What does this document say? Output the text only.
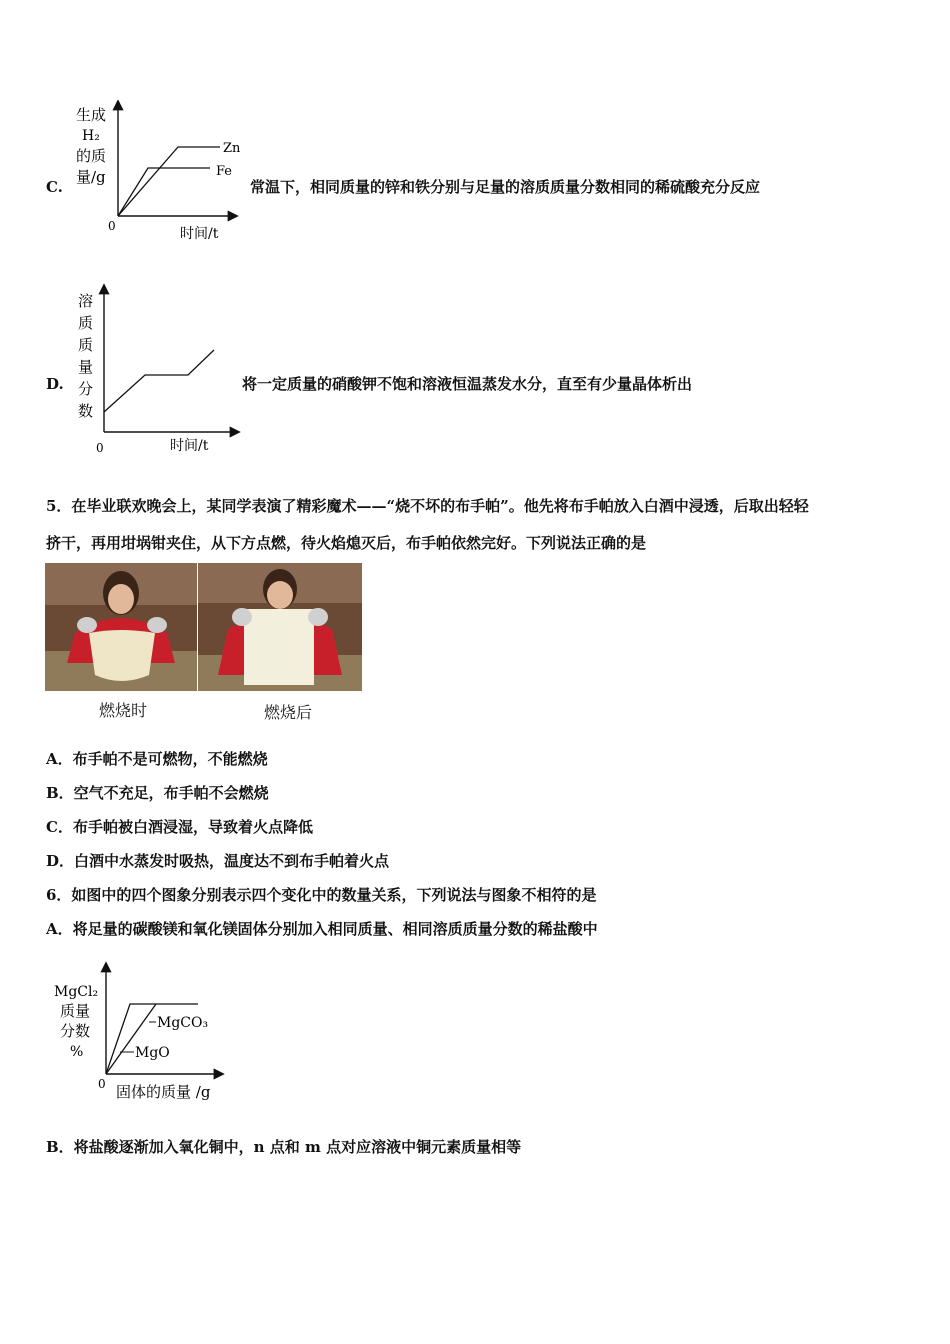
Zn
Fe
0	时间/t
生成
H₂
的质
量/g
C.	常温下，相同质量的锌和铁分别与足量的溶质质量分数相同的稀硫酸充分反应
0	时间/t
溶
质
质
量
分
数
D.	将一定质量的硝酸钾不饱和溶液恒温蒸发水分，直至有少量晶体析出
5．在毕业联欢晚会上，某同学表演了精彩魔术——“烧不坏的布手帕”。他先将布手帕放入白酒中浸透，后取出轻轻
挤干，再用坩埚钳夹住，从下方点燃，待火焰熄灭后，布手帕依然完好。下列说法正确的是
燃烧时	燃烧后
A．布手帕不是可燃物，不能燃烧
B．空气不充足，布手帕不会燃烧
C．布手帕被白酒浸湿，导致着火点降低
D．白酒中水蒸发时吸热，温度达不到布手帕着火点
6．如图中的四个图象分别表示四个变化中的数量关系，下列说法与图象不相符的是
A．将足量的碳酸镁和氧化镁固体分别加入相同质量、相同溶质质量分数的稀盐酸中
MgCO₃
MgO
0 固体的质量 /g
MgCl₂
质量
分数
%
B．将盐酸逐渐加入氧化铜中，n 点和 m 点对应溶液中铜元素质量相等
